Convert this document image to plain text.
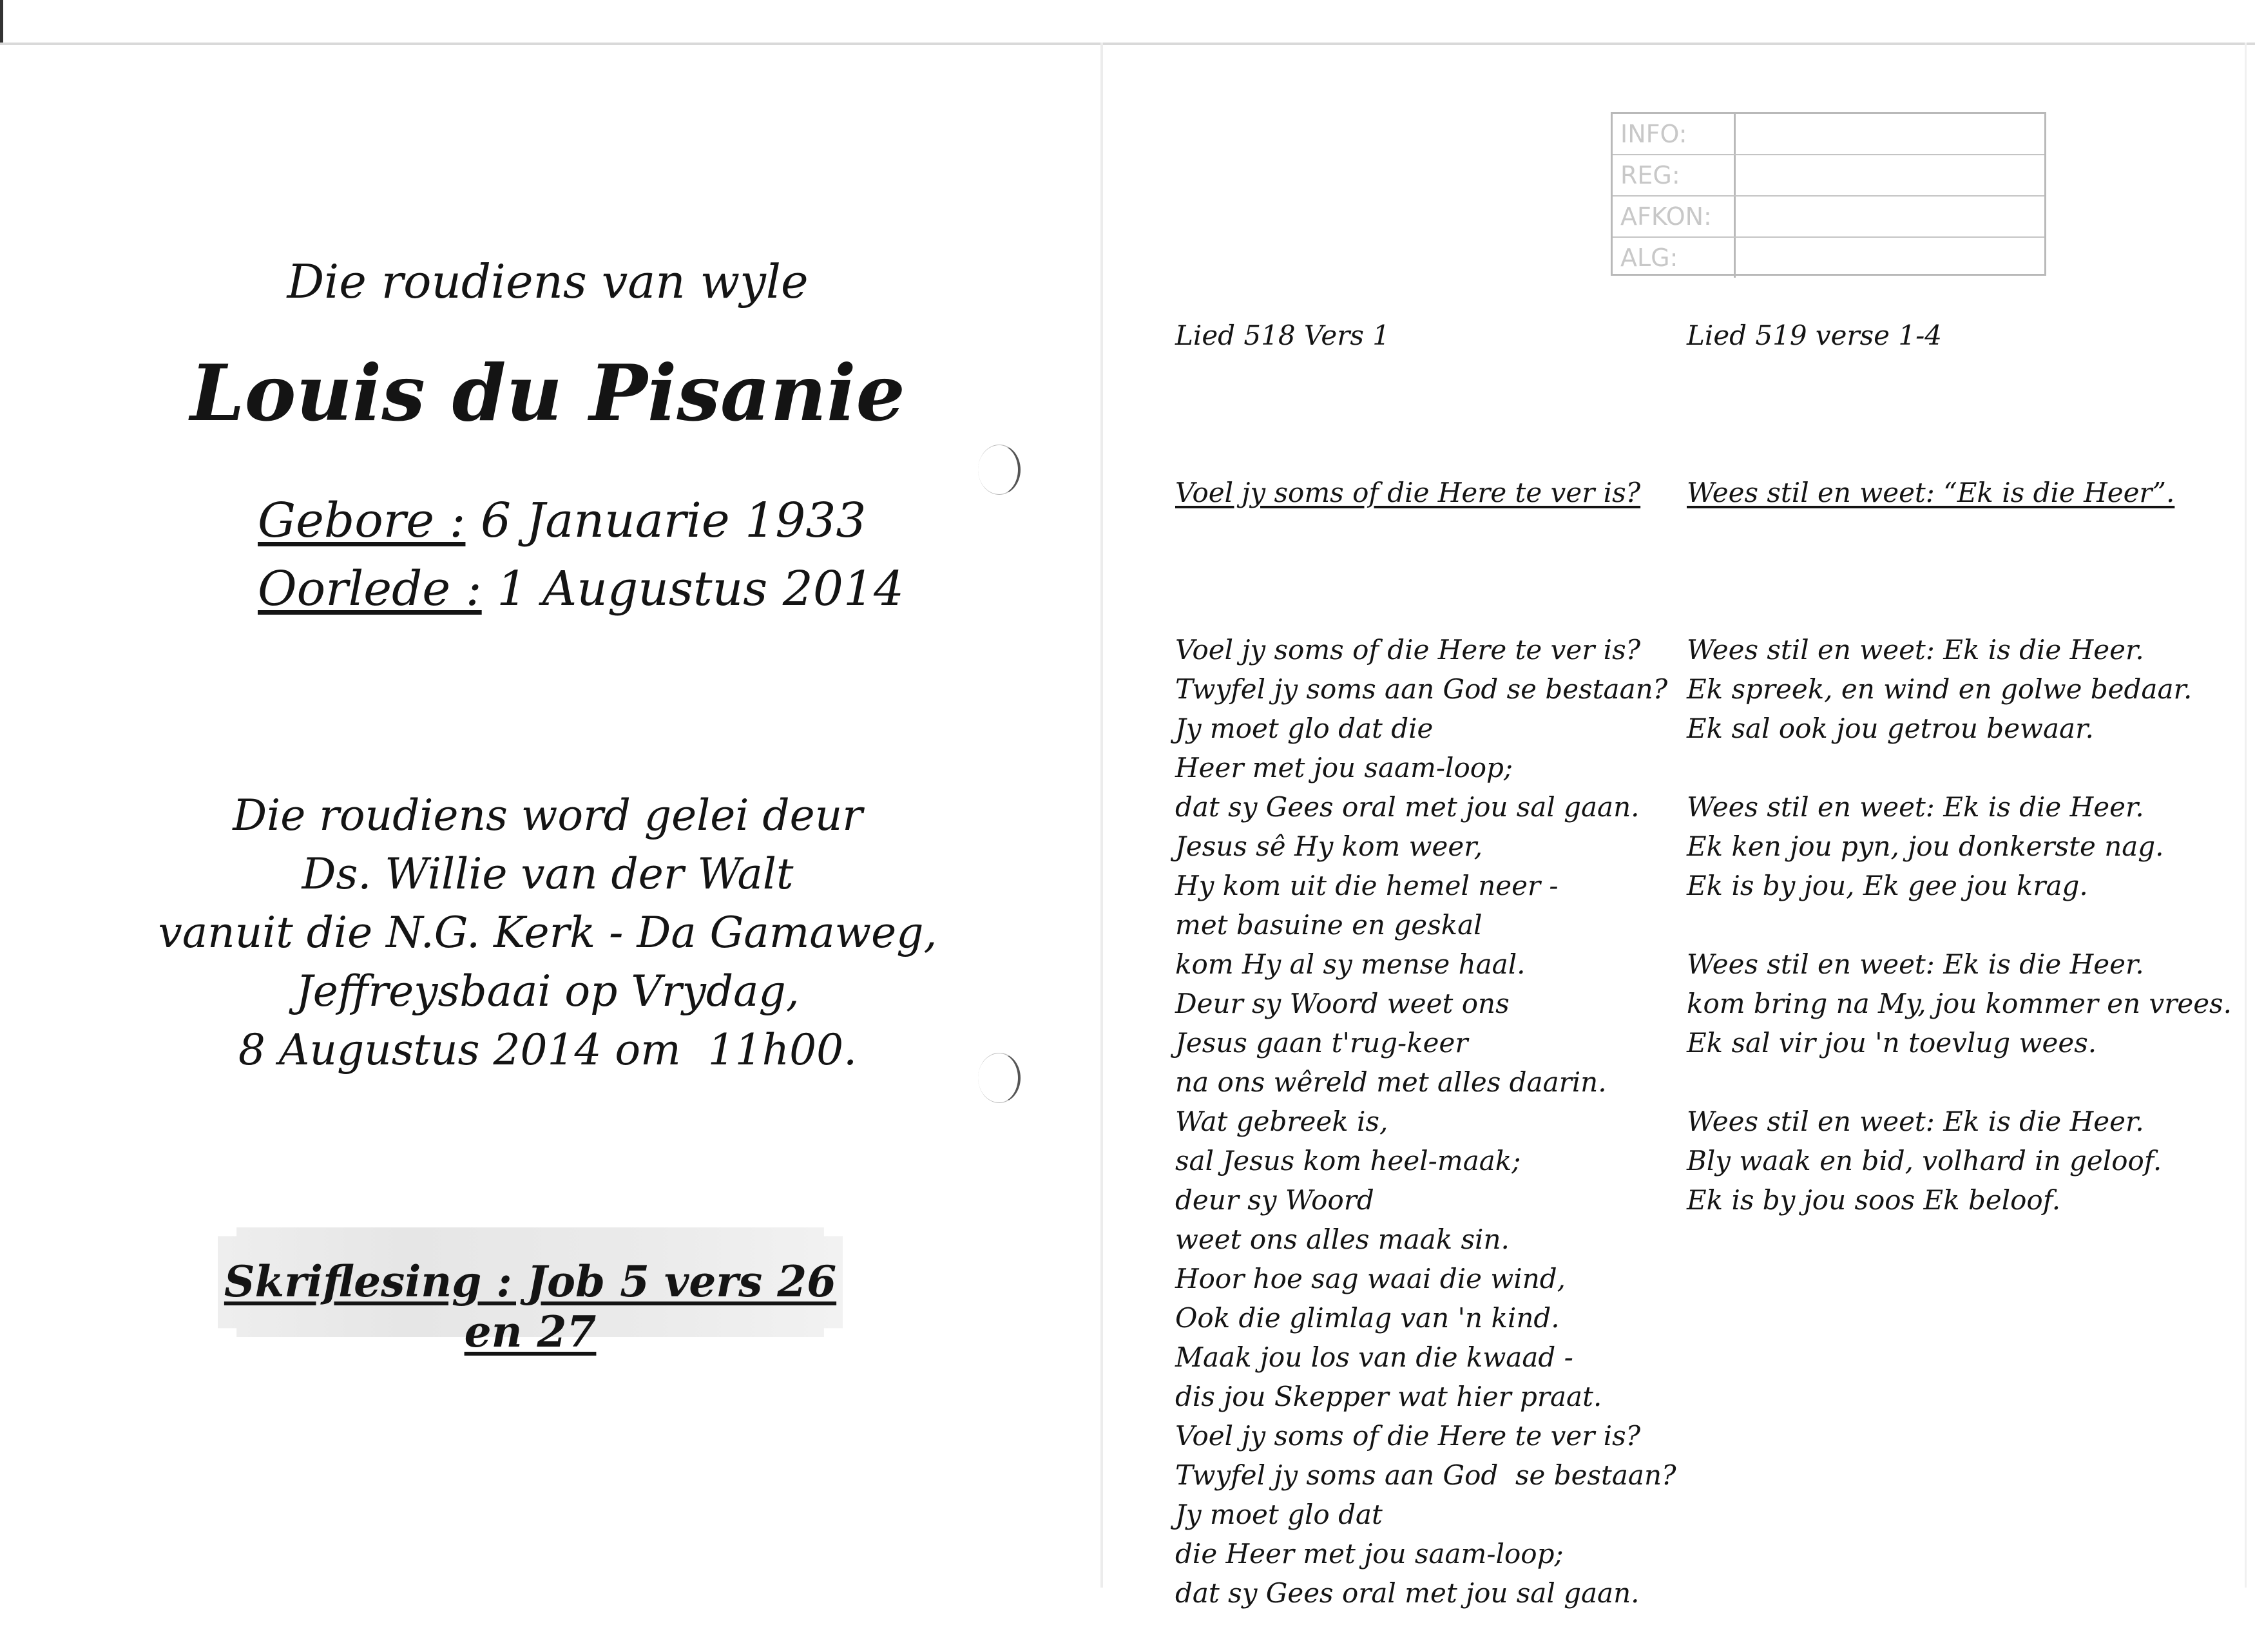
Die roudiens van wyle
Louis du Pisanie
Gebore : 6 Januarie 1933
Oorlede : 1 Augustus 2014
Die roudiens word gelei deur
Ds. Willie van der Walt
vanuit die N.G. Kerk - Da Gamaweg,
Jeffreysbaai op Vrydag,
8 Augustus 2014 om  11h00.
Skriflesing : Job 5 vers 26 en 27
INFO:
REG:
AFKON:
ALG:

Lied 518 Vers 1

Voel jy soms of die Here te ver is?

Voel jy soms of die Here te ver is?
Twyfel jy soms aan God se bestaan?
Jy moet glo dat die
Heer met jou saam-loop;
dat sy Gees oral met jou sal gaan.
Jesus sê Hy kom weer,
Hy kom uit die hemel neer -
met basuine en geskal
kom Hy al sy mense haal.
Deur sy Woord weet ons
Jesus gaan t'rug-keer
na ons wêreld met alles daarin.
Wat gebreek is,
sal Jesus kom heel-maak;
deur sy Woord
weet ons alles maak sin.
Hoor hoe sag waai die wind,
Ook die glimlag van 'n kind.
Maak jou los van die kwaad -
dis jou Skepper wat hier praat.
Voel jy soms of die Here te ver is?
Twyfel jy soms aan God  se bestaan?
Jy moet glo dat
die Heer met jou saam-loop;
dat sy Gees oral met jou sal gaan.

Lied 519 verse 1-4

Wees stil en weet: “Ek is die Heer”.

Wees stil en weet: Ek is die Heer.
Ek spreek, en wind en golwe bedaar.
Ek sal ook jou getrou bewaar.
Wees stil en weet: Ek is die Heer.
Ek ken jou pyn, jou donkerste nag.
Ek is by jou, Ek gee jou krag.
Wees stil en weet: Ek is die Heer.
kom bring na My, jou kommer en vrees.
Ek sal vir jou 'n toevlug wees.
Wees stil en weet: Ek is die Heer.
Bly waak en bid, volhard in geloof.
Ek is by jou soos Ek beloof.
